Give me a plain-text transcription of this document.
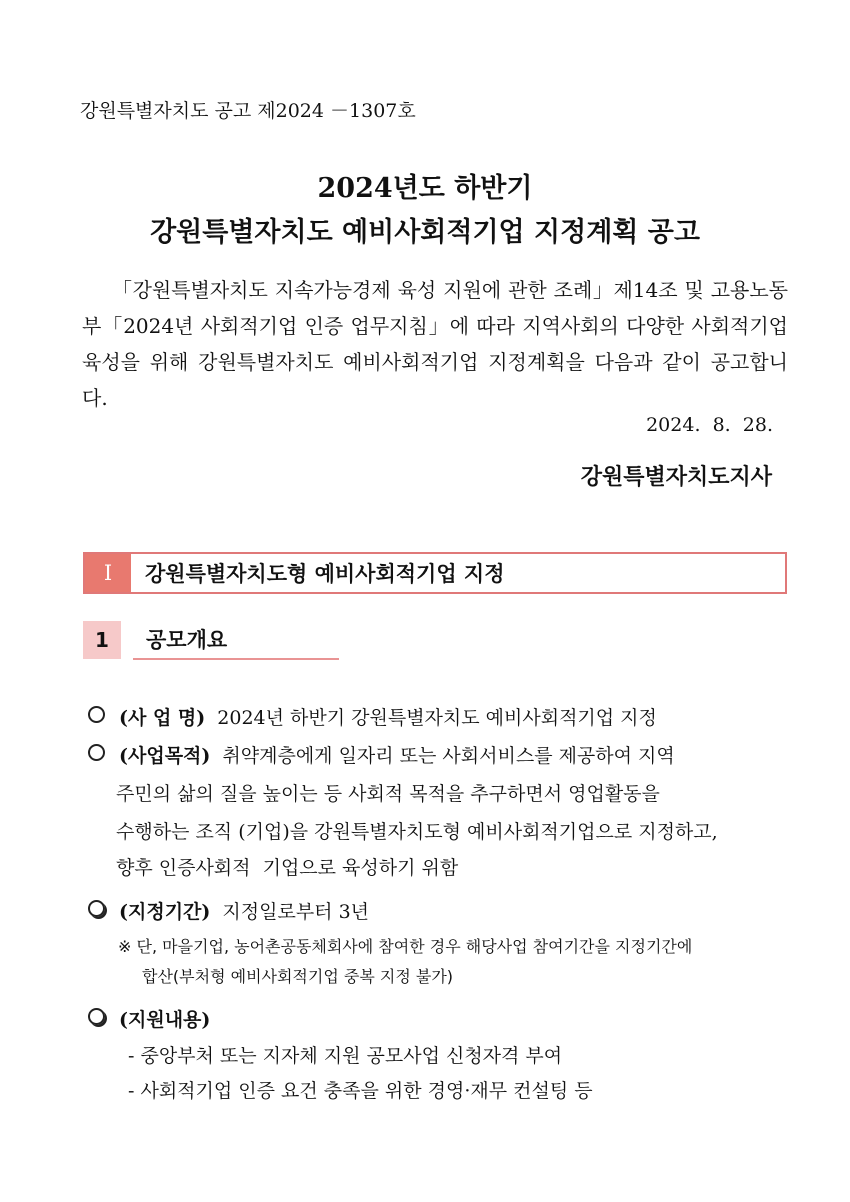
강원특별자치도 공고 제2024 －1307호
2024년도 하반기
강원특별자치도 예비사회적기업 지정계획 공고
「강원특별자치도 지속가능경제 육성 지원에 관한 조례」제14조 및 고용노동부「2024년 사회적기업 인증 업무지침」에 따라 지역사회의 다양한 사회적기업 육성을 위해 강원특별자치도 예비사회적기업 지정계획을 다음과 같이 공고합니다.
2024.  8.  28.
강원특별자치도지사
Ⅰ	강원특별자치도형 예비사회적기업 지정
1	공모개요
(사 업 명) 2024년 하반기 강원특별자치도 예비사회적기업 지정
(사업목적) 취약계층에게 일자리 또는 사회서비스를 제공하여 지역
주민의 삶의 질을 높이는 등 사회적 목적을 추구하면서 영업활동을
수행하는 조직 (기업)을 강원특별자치도형 예비사회적기업으로 지정하고,
향후 인증사회적  기업으로 육성하기 위함
(지정기간) 지정일로부터 3년
※ 단, 마을기업, 농어촌공동체회사에 참여한 경우 해당사업 참여기간을 지정기간에
합산(부처형 예비사회적기업 중복 지정 불가)
(지원내용)
- 중앙부처 또는 지자체 지원 공모사업 신청자격 부여
- 사회적기업 인증 요건 충족을 위한 경영·재무 컨설팅 등
